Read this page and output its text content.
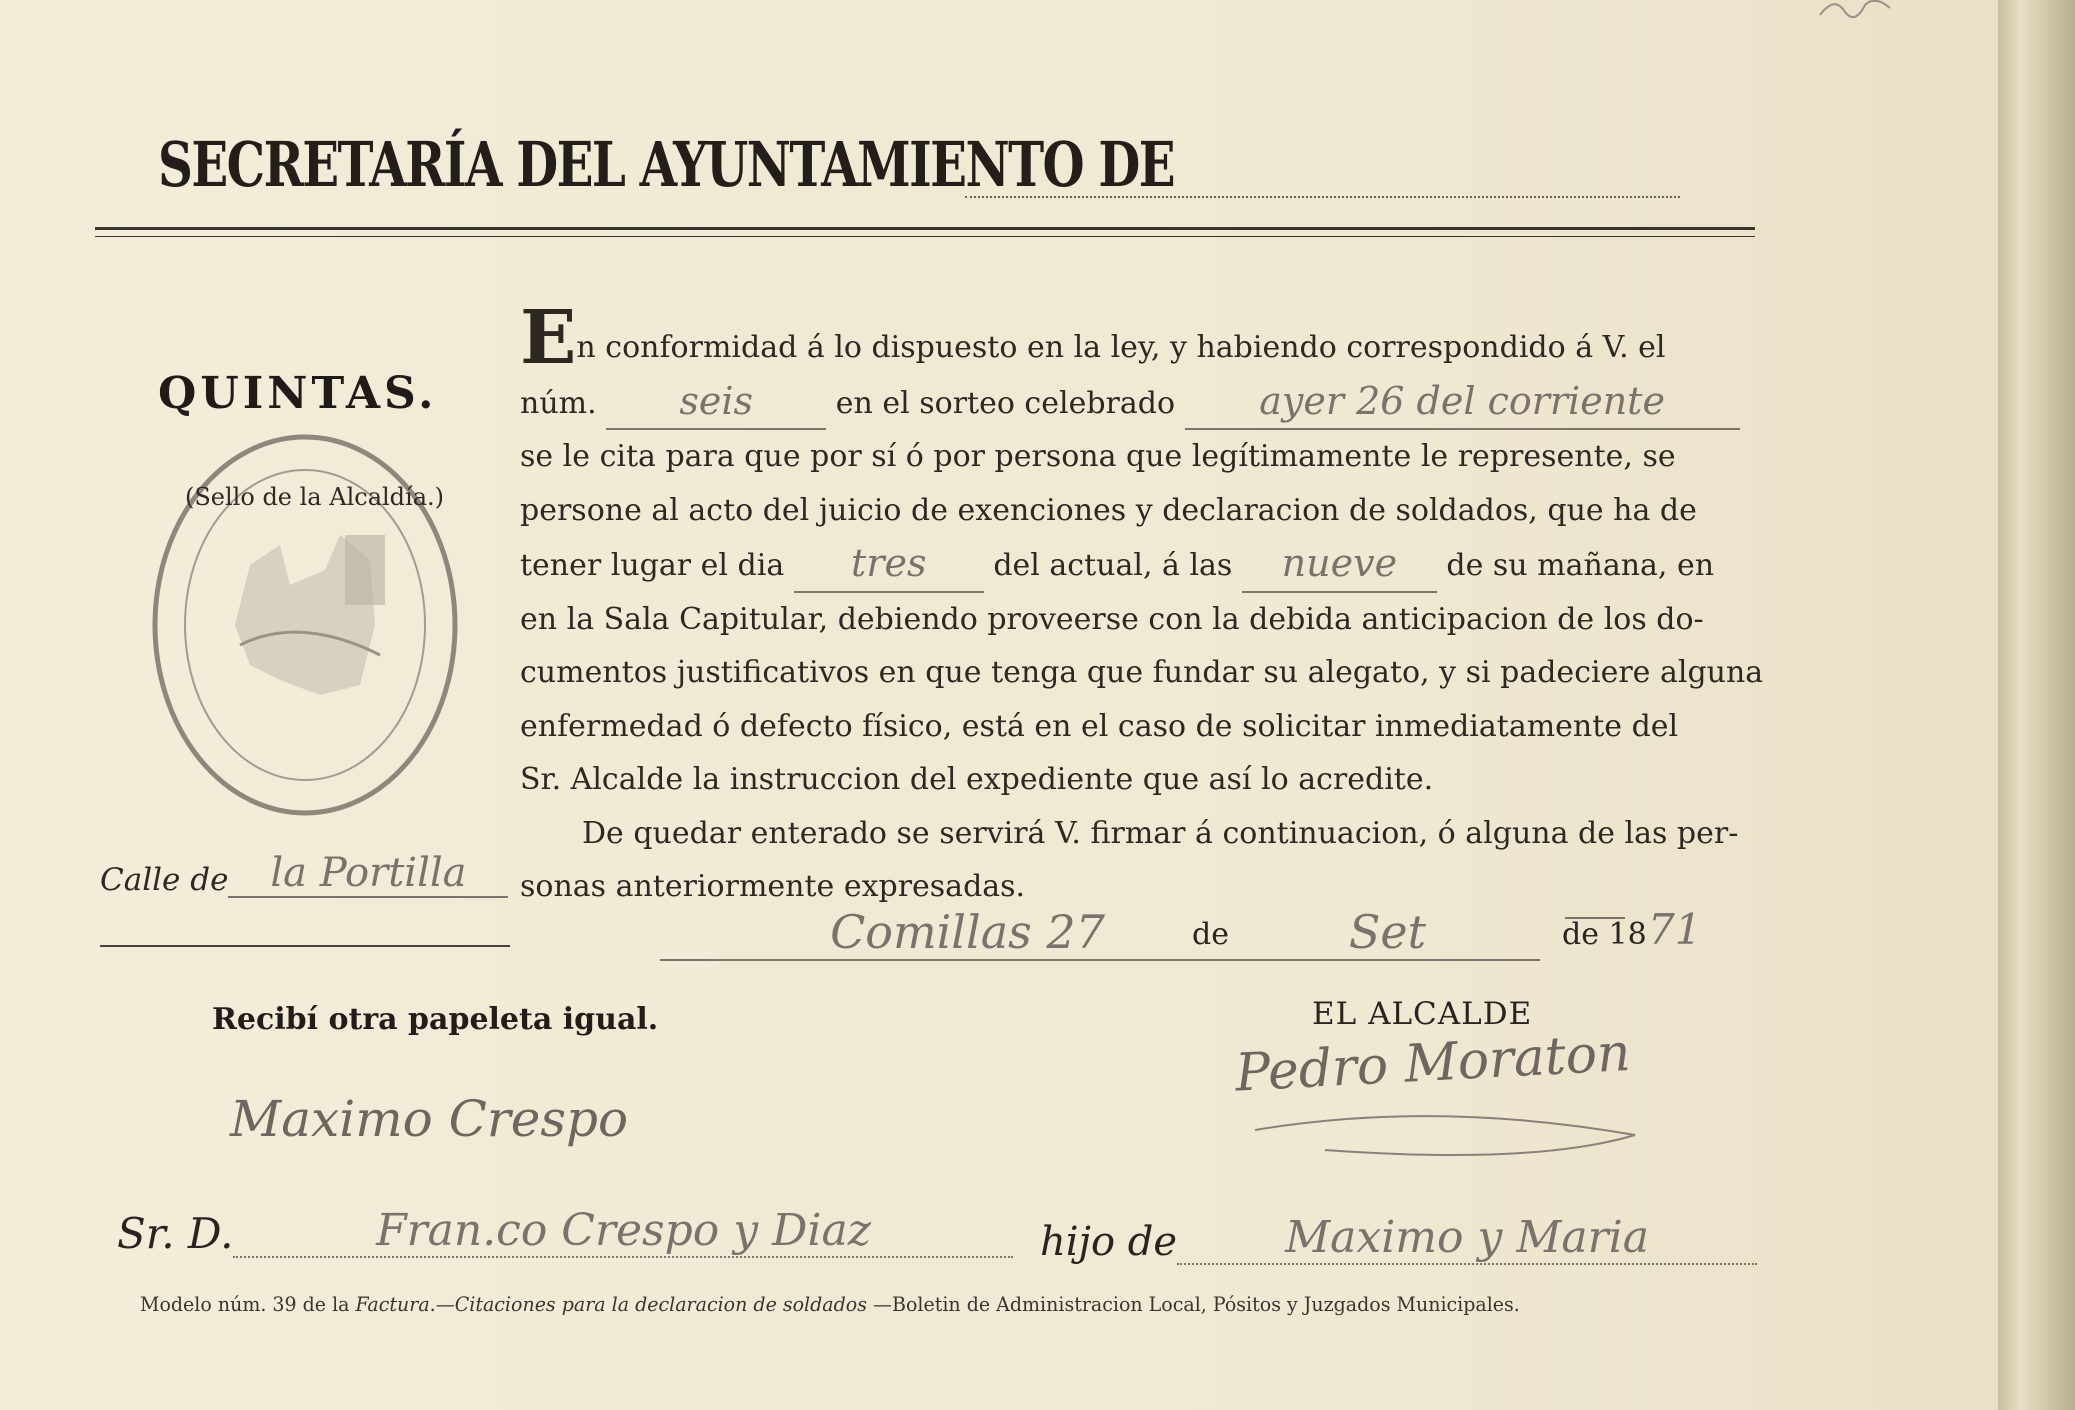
SECRETARÍA DEL AYUNTAMIENTO DE
QUINTAS.
(Sello de la Alcaldía.)
En conformidad á lo dispuesto en la ley, y habiendo correspondido á V. el
núm. seis	en el sorteo celebrado ayer 26 del corriente
se le cita para que por sí ó por persona que legítimamente le represente, se
persone al acto del juicio de exenciones y declaracion de soldados, que ha de
tener lugar el dia tres del actual, á las nueve de su mañana, en
en la Sala Capitular, debiendo proveerse con la debida anticipacion de los do-
cumentos justificativos en que tenga que fundar su alegato, y si padeciere alguna
enfermedad ó defecto físico, está en el caso de solicitar inmediatamente del
Sr. Alcalde la instruccion del expediente que así lo acredite.
De quedar enterado se servirá V. firmar á continuacion, ó alguna de las per-
sonas anteriormente expresadas.
Calle de la Portilla
Comillas 27	de	Set	de 18 71
Recibí otra papeleta igual.	EL ALCALDE
Pedro Moraton
Maximo Crespo
Sr. D.	Fran.co Crespo y Diaz	hijo de Maximo y Maria
Modelo núm. 39 de la Factura.—Citaciones para la declaracion de soldados —Boletin de Administracion Local, Pósitos y Juzgados Municipales.
